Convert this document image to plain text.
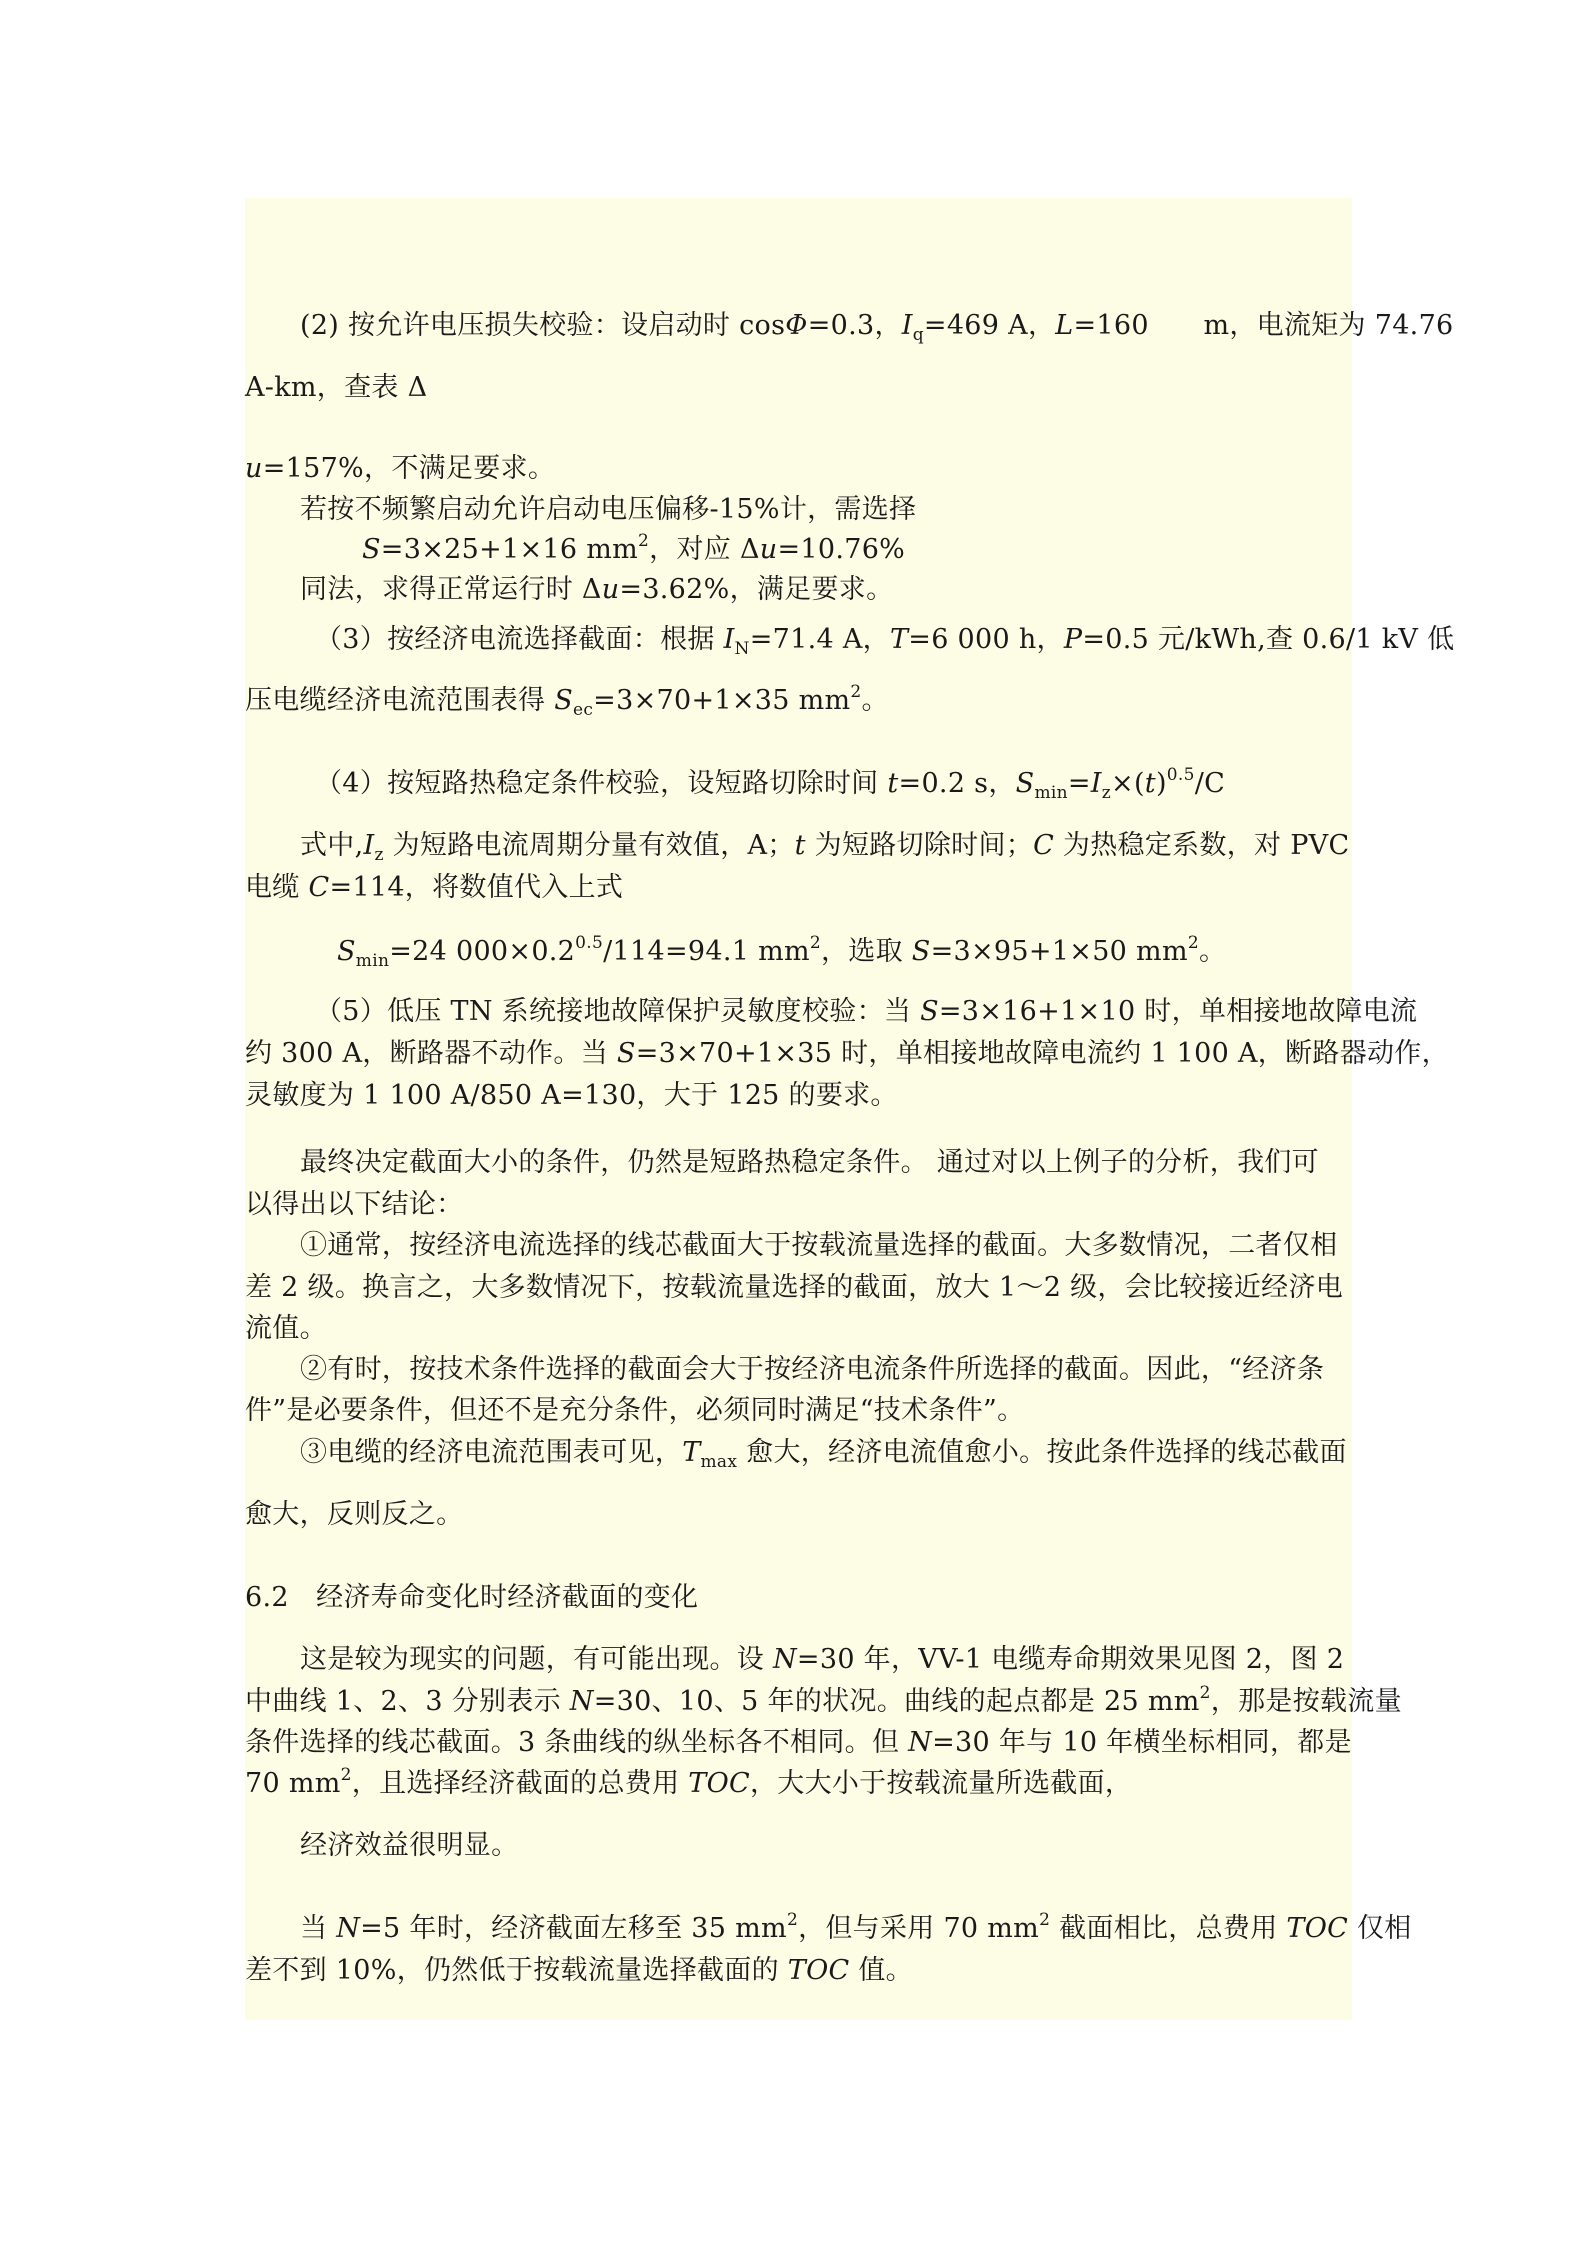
(2) 按允许电压损失校验：设启动时 cosΦ=0.3，$I_q=469$ A，L=160　　m，电流矩为 74.76
A-km，查表 Δ
u=157%，不满足要求。
若按不频繁启动允许启动电压偏移-15%计，需选择
S=3×25+1×16 $mm^2$，对应 Δu=10.76%
同法，求得正常运行时 Δu=3.62%，满足要求。
（3）按经济电流选择截面：根据 $I_N=71.4$ A，T=6 000 h，P=0.5 元/kWh,查 0.6/1 kV 低
压电缆经济电流范围表得 $S_{ec}=3\times 70+1\times 35$ $mm^2$。
（4）按短路热稳定条件校验，设短路切除时间 t=0.2 s，$S_{min}=I_z\times(t)^{0.5}/C$
式中$,I_z$ 为短路电流周期分量有效值，A；t 为短路切除时间；C 为热稳定系数，对 PVC
电缆 C=114，将数值代入上式
$S_{min}=24$ $000\times 0.2^{0.5}/114=94.1$ $mm^2$，选取 S=3×95+1×50 $mm^2$。
（5）低压 TN 系统接地故障保护灵敏度校验：当 S=3×16+1×10 时，单相接地故障电流
约 300 A，断路器不动作。当 S=3×70+1×35 时，单相接地故障电流约 1 100 A，断路器动作，
灵敏度为 1 100 A/850 A=130，大于 125 的要求。
最终决定截面大小的条件，仍然是短路热稳定条件。 通过对以上例子的分析，我们可
以得出以下结论：
①通常，按经济电流选择的线芯截面大于按载流量选择的截面。大多数情况，二者仅相
差 2 级。换言之，大多数情况下，按载流量选择的截面，放大 1～2 级，会比较接近经济电
流值。
②有时，按技术条件选择的截面会大于按经济电流条件所选择的截面。因此，“经济条
件”是必要条件，但还不是充分条件，必须同时满足“技术条件”。
③电缆的经济电流范围表可见，$T_{max}$ 愈大，经济电流值愈小。按此条件选择的线芯截面
愈大，反则反之。
6.2　经济寿命变化时经济截面的变化
这是较为现实的问题，有可能出现。设 N=30 年，VV-1 电缆寿命期效果见图 2，图 2
中曲线 1、2、3 分别表示 N=30、10、5 年的状况。曲线的起点都是 25 $mm^2$，那是按载流量
条件选择的线芯截面。3 条曲线的纵坐标各不相同。但 N=30 年与 10 年横坐标相同，都是
70 $mm^2$，且选择经济截面的总费用 TOC，大大小于按载流量所选截面，
经济效益很明显。
当 N=5 年时，经济截面左移至 35 $mm^2$，但与采用 70 $mm^2$ 截面相比，总费用 TOC 仅相
差不到 10%，仍然低于按载流量选择截面的 TOC 值。
